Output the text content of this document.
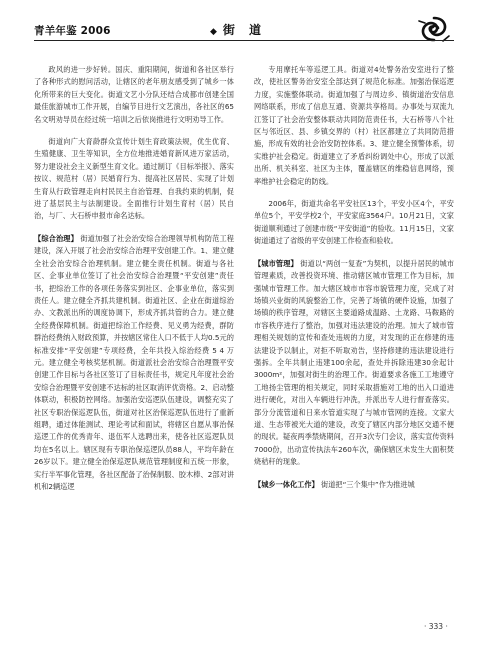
青羊年鉴 2006	◆ 街 道

政风的进一步好转。国庆、重阳期间，街道和各社区举行了各种形式的慰问活动，让辖区的老年朋友感受到了城乡一体化所带来的巨大变化。街道文艺小分队还结合成都市创建全国最佳旅游城市工作开展，自编节目进行文艺演出，各社区的65名文明劝导员在经过统一培训之后依岗推进行文明劝导工作。

街道向广大育龄群众宣传计划生育政策法规，优生优育、生殖健康、卫生等知识，全方位地推进婚育新风进万家活动，努力建设社会主义新型生育文化。通过制订《目标举报》、落实按议、规范村（居）民婚育行为、提高社区居民、实现了计划生育从行政管理走向村民民主自治管理、自我约束的机制，促进了基层民主与法制建设。全面推行计划生育村（居）民自治，与厂、大石桥申报市命名达标。

【综合治理】 街道加强了社会治安综合治理领导机构防范工程建设，深入开展了社会治安综合治理平安创建工作。1、建立健全社会治安综合治理机制。建立健全责任机制。街道与各社区、企事业单位签订了社会治安综合治理暨“平安创建”责任书，把综治工作的各项任务落实到社区、企事业单位，落实到责任人。建立健全齐抓共建机制。街道社区、企业在街道综治办、文教派出所的调度协调下，形成齐抓共管的合力。建立健全经费保障机制。街道把综治工作经费、见义勇为经费，群防群治经费纳入财政预算，并按辖区常住人口不低于人均0.5元的标准安排“平安创建”专项经费，全年共投入综治经费 5 4 万元。建立健全考核奖惩机制。街道派社会治安综合治理暨平安创建工作目标与各社区签订了目标责任书，规定凡年度社会治安综合治理暨平安创建不达标的社区取消评优资格。2、启动整体联动，积极防控网络。加强治安巡逻队伍建设，调整充实了社区专职治保巡逻队伍，街道对社区治保巡逻队伍进行了重新组聘，通过体能测试、理论考试和面试，将辖区自愿从事治保巡逻工作的优秀青年、退伍军人选聘出来，使各社区巡逻队员均在5名以上。辖区现有专职治保巡逻队员88人，平均年龄在26岁以下。建立健全治保巡逻队规范管理制度和五统一形象，实行半军事化管理，各社区配备了治保制服、胶木棒、2部对讲机和2辆巡逻

专用摩托车等巡逻工具。街道对4处警务治安室进行了整改，使社区警务治安室全部达到了规范化标准。加强治保巡逻力度，实施整体联动。街道加强了与周边乡、镇街道治安信息网络联系，形成了信息互通、资源共享格局。办事处与双流九江签订了社会治安整体联动共同防范责任书，大石桥等八个社区与邻近区、县、乡镇交界的（村）社区都建立了共同防范措施，形成有效的社会治安防控体系。3、建立健全预警体系，切实维护社会稳定。街道建立了矛盾纠纷调处中心，形成了以派出所、机关科室、社区为主体，覆盖辖区的维稳信息网络，预率维护社会稳定的防线。

2006年，街道共命名平安社区13个，平安小区4个，平安单位5个，平安学校2个，平安家庭3564户。10月21日，文家街道顺利通过了创建市级“平安街道”的验收。11月15日，文家街道通过了省级的平安创建工作检查和验收。

【城市管理】 街道以“两创一复查”为契机，以提升居民的城市管理素质，改善投资环境、推动辖区城市管理工作为目标，加强城市管理工作。加大辖区城市市容市貌管理力度，完成了对场镇兴业街的风貌整治工作，完善了场镇的硬件设施，加强了场镇的秩序管理，对辖区主要道路成温路、土龙路、马鞍路的市容秩序进行了整治，加强对违法建设的治理。加大了城市管理相关规划的宣传和查处违规的力度，对发现的正在修建的违法建设予以制止，对拒不听取劝告，坚持修建的违法建设进行强拆。全年共制止违建100余起，查处并拆除违建30余起计3000m²，加强对街生的治理工作。街道要求各施工工地遵守工地扬尘管理的相关规定，同时采取措施对工地的出入口道进进行硬化，对出入车辆进行冲洗，并派出专人进行督查落实。部分分流管道和日来水管道实现了与城市管网的连接。文家大道、生态带被光大道的建设，改变了辖区内部分地区交通不便的现状。疑夜两季禁烧期间，召开3次专门会议，落实宣传资料7000份，出动宣传执法车260车次，确保辖区未发生大面积焚烧秸秆的现象。

【城乡一体化工作】 街道把“三个集中”作为推进城

· 333 ·
